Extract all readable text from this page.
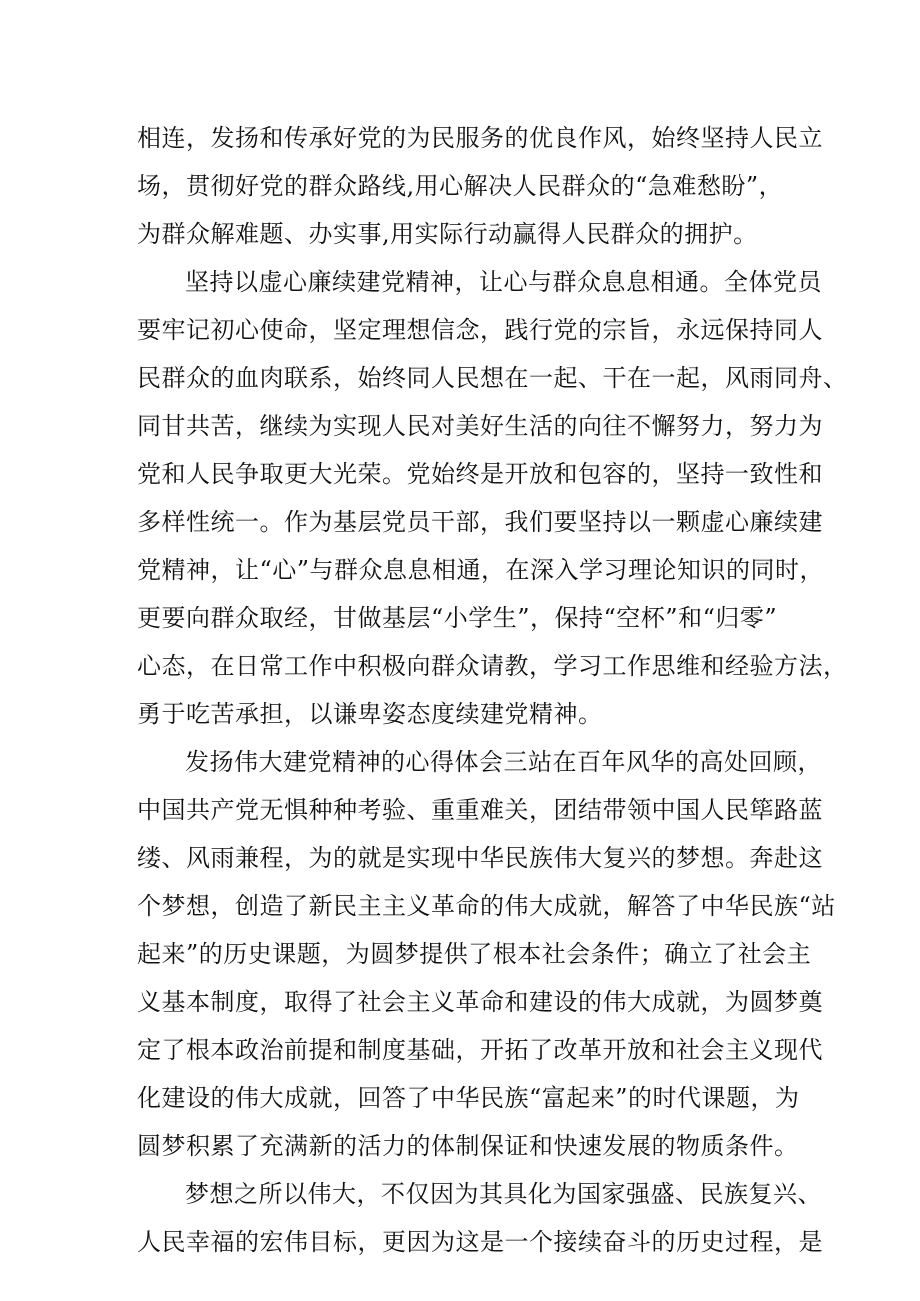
相连，发扬和传承好党的为民服务的优良作风，始终坚持人民立
场，贯彻好党的群众路线,用心解决人民群众的“急难愁盼”，
为群众解难题、办实事,用实际行动赢得人民群众的拥护。
坚持以虚心廉续建党精神，让心与群众息息相通。全体党员
要牢记初心使命，坚定理想信念，践行党的宗旨，永远保持同人
民群众的血肉联系，始终同人民想在一起、干在一起，风雨同舟、
同甘共苦，继续为实现人民对美好生活的向往不懈努力，努力为
党和人民争取更大光荣。党始终是开放和包容的，坚持一致性和
多样性统一。作为基层党员干部，我们要坚持以一颗虚心廉续建
党精神，让“心”与群众息息相通，在深入学习理论知识的同时，
更要向群众取经，甘做基层“小学生”，保持“空杯”和“归零”
心态，在日常工作中积极向群众请教，学习工作思维和经验方法，
勇于吃苦承担，以谦卑姿态度续建党精神。
发扬伟大建党精神的心得体会三站在百年风华的高处回顾，
中国共产党无惧种种考验、重重难关，团结带领中国人民筚路蓝
缕、风雨兼程，为的就是实现中华民族伟大复兴的梦想。奔赴这
个梦想，创造了新民主主义革命的伟大成就，解答了中华民族“站
起来”的历史课题，为圆梦提供了根本社会条件；确立了社会主
义基本制度，取得了社会主义革命和建设的伟大成就，为圆梦奠
定了根本政治前提和制度基础，开拓了改革开放和社会主义现代
化建设的伟大成就，回答了中华民族“富起来”的时代课题，为
圆梦积累了充满新的活力的体制保证和快速发展的物质条件。
梦想之所以伟大，不仅因为其具化为国家强盛、民族复兴、
人民幸福的宏伟目标，更因为这是一个接续奋斗的历史过程，是
